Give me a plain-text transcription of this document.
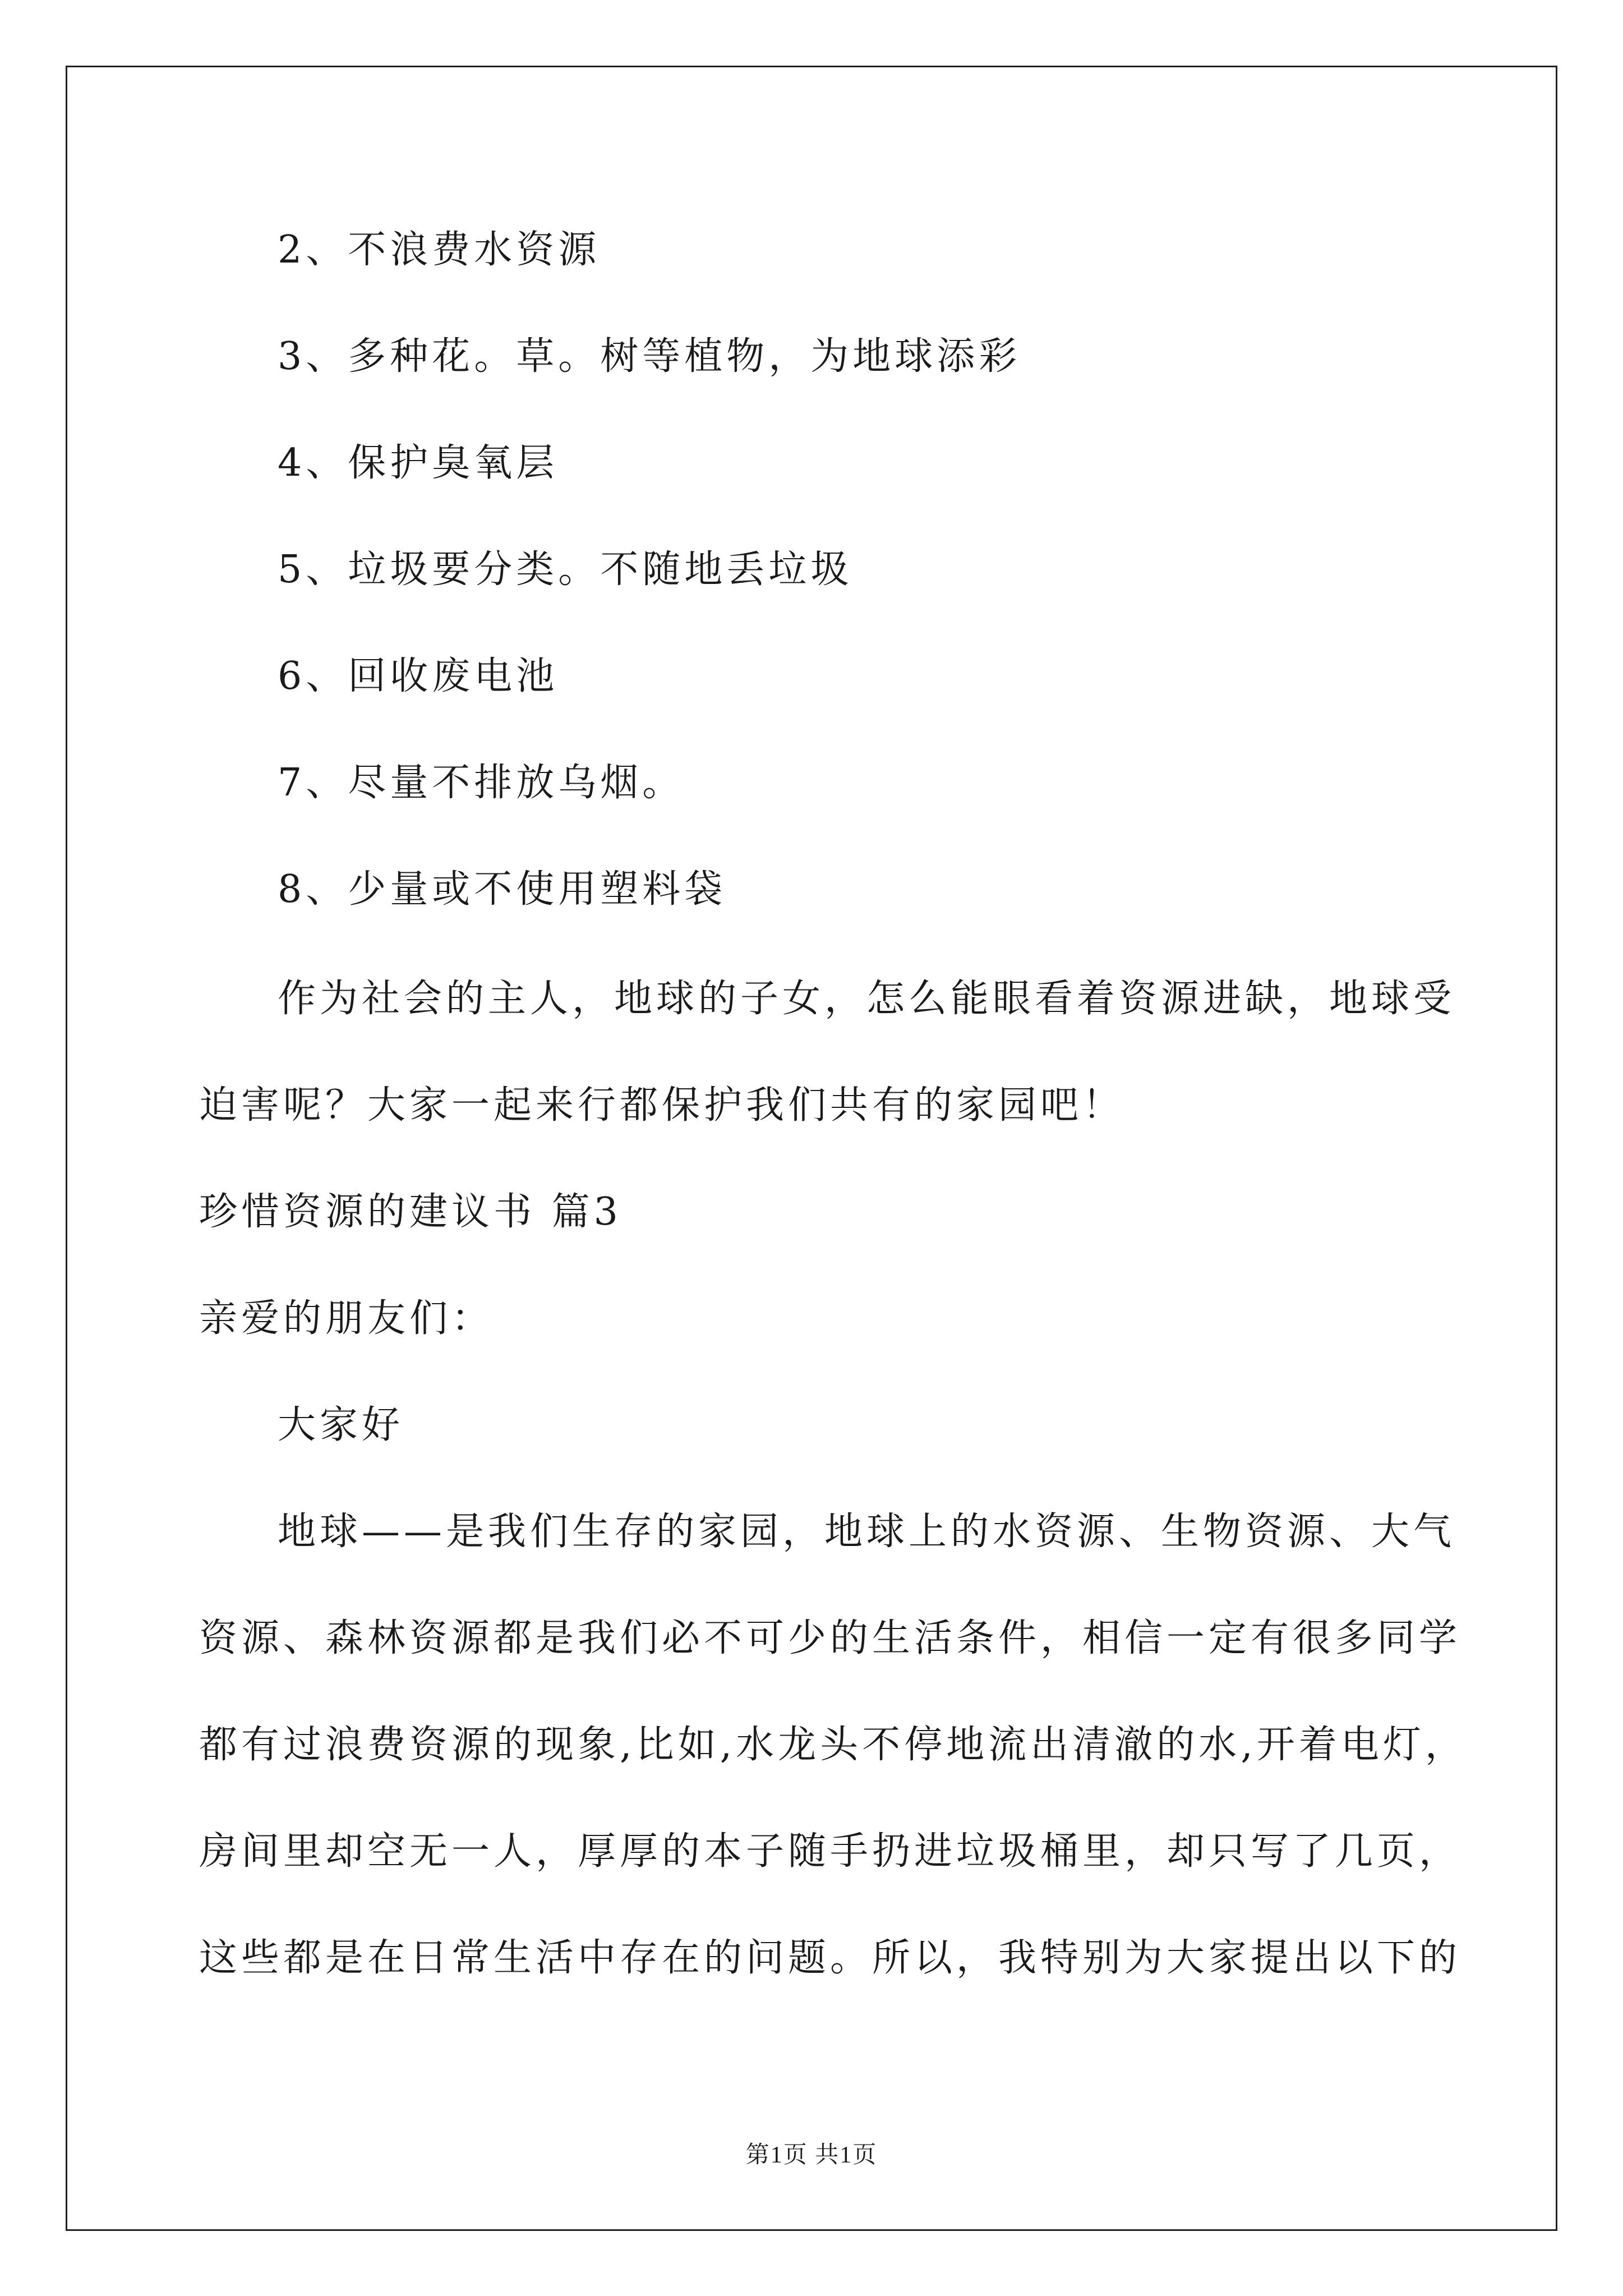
2、不浪费水资源
3、多种花。草。树等植物，为地球添彩
4、保护臭氧层
5、垃圾要分类。不随地丢垃圾
6、回收废电池
7、尽量不排放乌烟。
8、少量或不使用塑料袋
作为社会的主人，地球的子女，怎么能眼看着资源进缺，地球受
迫害呢？大家一起来行都保护我们共有的家园吧！
珍惜资源的建议书 篇3
亲爱的朋友们：
大家好
地球——是我们生存的家园，地球上的水资源、生物资源、大气
资源、森林资源都是我们必不可少的生活条件，相信一定有很多同学
都有过浪费资源的现象,比如,水龙头不停地流出清澈的水,开着电灯，
房间里却空无一人，厚厚的本子随手扔进垃圾桶里，却只写了几页，
这些都是在日常生活中存在的问题。所以，我特别为大家提出以下的
第1页 共1页
